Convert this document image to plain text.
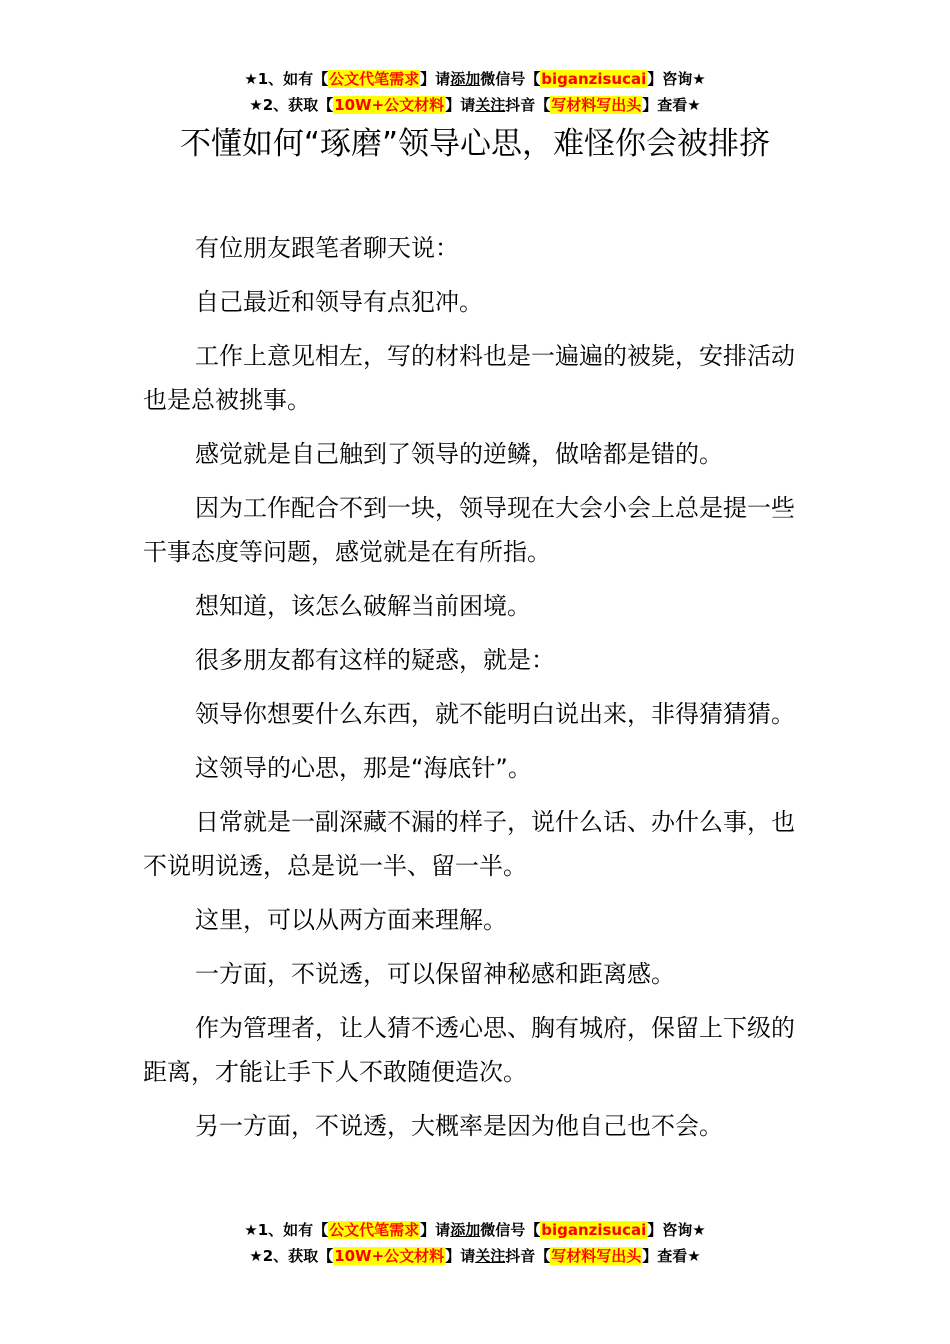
★1、如有【公文代笔需求】请添加微信号【biganzisucai】咨询★
★2、获取【10W+公文材料】请关注抖音【写材料写出头】查看★
不懂如何“琢磨”领导心思，难怪你会被排挤

有位朋友跟笔者聊天说：

自己最近和领导有点犯冲。

工作上意见相左，写的材料也是一遍遍的被毙，安排活动也是总被挑事。

感觉就是自己触到了领导的逆鳞，做啥都是错的。

因为工作配合不到一块，领导现在大会小会上总是提一些干事态度等问题，感觉就是在有所指。

想知道，该怎么破解当前困境。

很多朋友都有这样的疑惑，就是：

领导你想要什么东西，就不能明白说出来，非得猜猜猜。

这领导的心思，那是“海底针”。

日常就是一副深藏不漏的样子，说什么话、办什么事，也不说明说透，总是说一半、留一半。

这里，可以从两方面来理解。

一方面，不说透，可以保留神秘感和距离感。

作为管理者，让人猜不透心思、胸有城府，保留上下级的距离，才能让手下人不敢随便造次。

另一方面，不说透，大概率是因为他自己也不会。

★1、如有【公文代笔需求】请添加微信号【biganzisucai】咨询★
★2、获取【10W+公文材料】请关注抖音【写材料写出头】查看★
